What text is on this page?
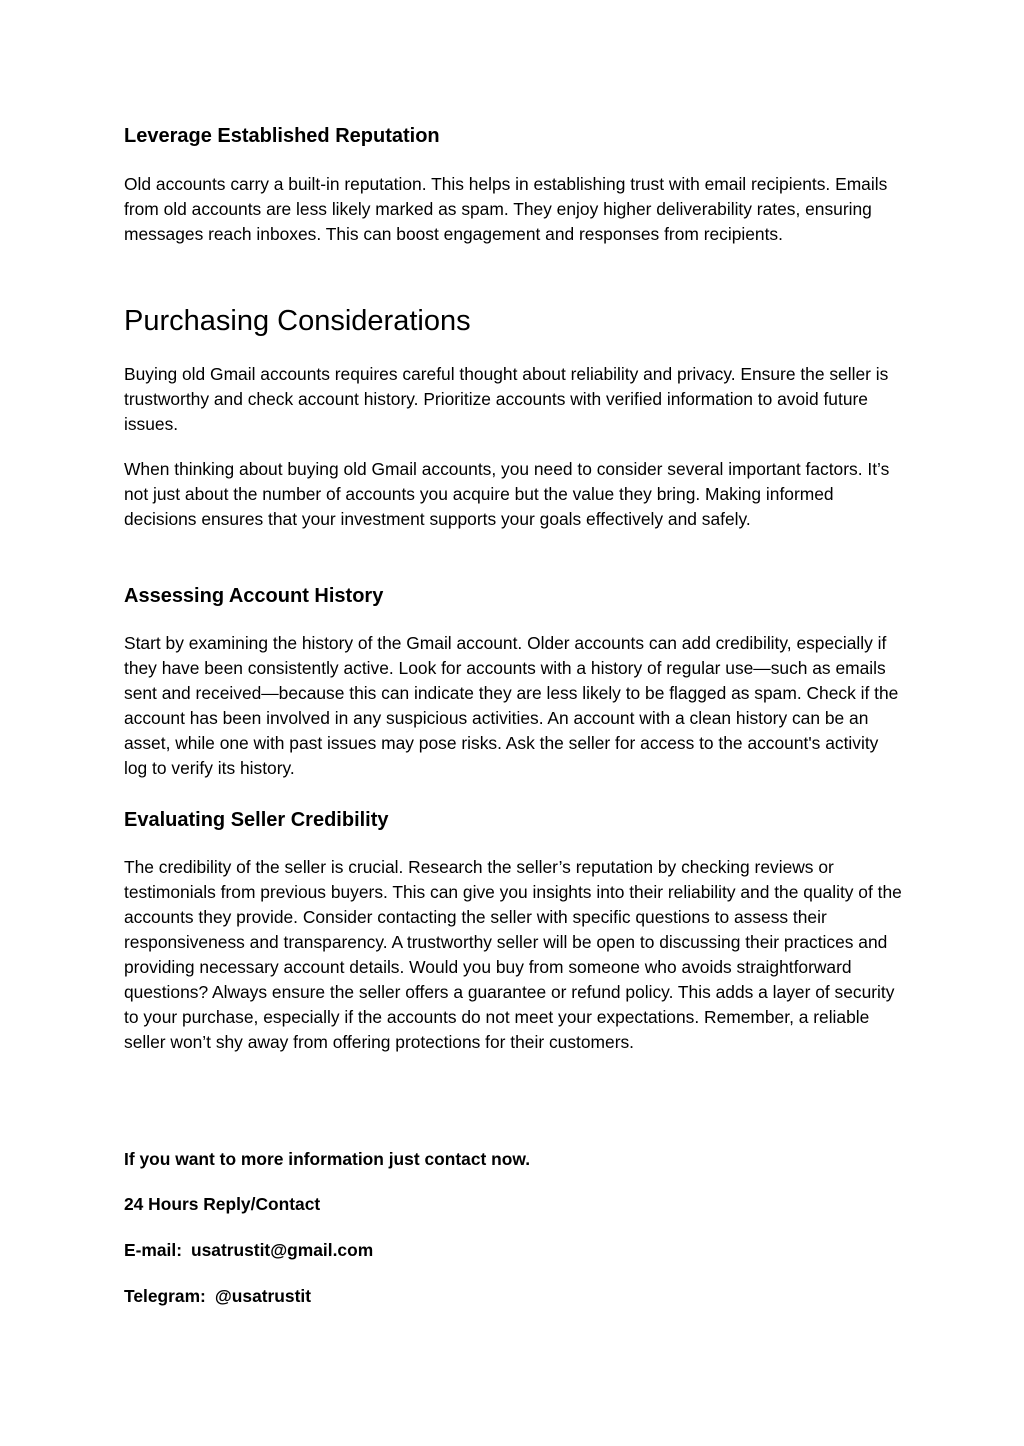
Leverage Established Reputation

Old accounts carry a built-in reputation. This helps in establishing trust with email recipients. Emails from old accounts are less likely marked as spam. They enjoy higher deliverability rates, ensuring messages reach inboxes. This can boost engagement and responses from recipients.

Purchasing Considerations

Buying old Gmail accounts requires careful thought about reliability and privacy. Ensure the seller is trustworthy and check account history. Prioritize accounts with verified information to avoid future issues.

When thinking about buying old Gmail accounts, you need to consider several important factors. It’s not just about the number of accounts you acquire but the value they bring. Making informed decisions ensures that your investment supports your goals effectively and safely.

Assessing Account History

Start by examining the history of the Gmail account. Older accounts can add credibility, especially if they have been consistently active. Look for accounts with a history of regular use—such as emails sent and received—because this can indicate they are less likely to be flagged as spam. Check if the account has been involved in any suspicious activities. An account with a clean history can be an asset, while one with past issues may pose risks. Ask the seller for access to the account's activity log to verify its history.

Evaluating Seller Credibility

The credibility of the seller is crucial. Research the seller’s reputation by checking reviews or testimonials from previous buyers. This can give you insights into their reliability and the quality of the accounts they provide. Consider contacting the seller with specific questions to assess their responsiveness and transparency. A trustworthy seller will be open to discussing their practices and providing necessary account details. Would you buy from someone who avoids straightforward questions? Always ensure the seller offers a guarantee or refund policy. This adds a layer of security to your purchase, especially if the accounts do not meet your expectations. Remember, a reliable seller won’t shy away from offering protections for their customers.

If you want to more information just contact now.

24 Hours Reply/Contact

E-mail: usatrustit@gmail.com

Telegram: @usatrustit
